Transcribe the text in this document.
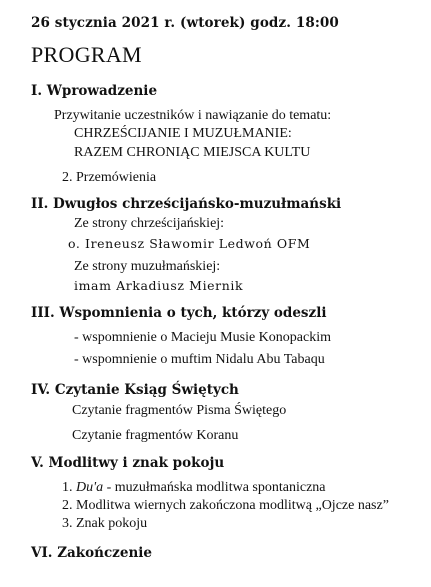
26 stycznia 2021 r. (wtorek) godz. 18:00
PROGRAM
I. Wprowadzenie
Przywitanie uczestników i nawiązanie do tematu:
CHRZEŚCIJANIE I MUZUŁMANIE:
RAZEM CHRONIĄC MIEJSCA KULTU
2. Przemówienia
II. Dwugłos chrześcijańsko-muzułmański
Ze strony chrześcijańskiej:
o. Ireneusz Sławomir Ledwoń OFM
Ze strony muzułmańskiej:
imam Arkadiusz Miernik
III. Wspomnienia o tych, którzy odeszli
- wspomnienie o Macieju Musie Konopackim
- wspomnienie o muftim Nidalu Abu Tabaqu
IV. Czytanie Ksiąg Świętych
Czytanie fragmentów Pisma Świętego
Czytanie fragmentów Koranu
V. Modlitwy i znak pokoju
1. Du'a - muzułmańska modlitwa spontaniczna
2. Modlitwa wiernych zakończona modlitwą „Ojcze nasz”
3. Znak pokoju
VI. Zakończenie
